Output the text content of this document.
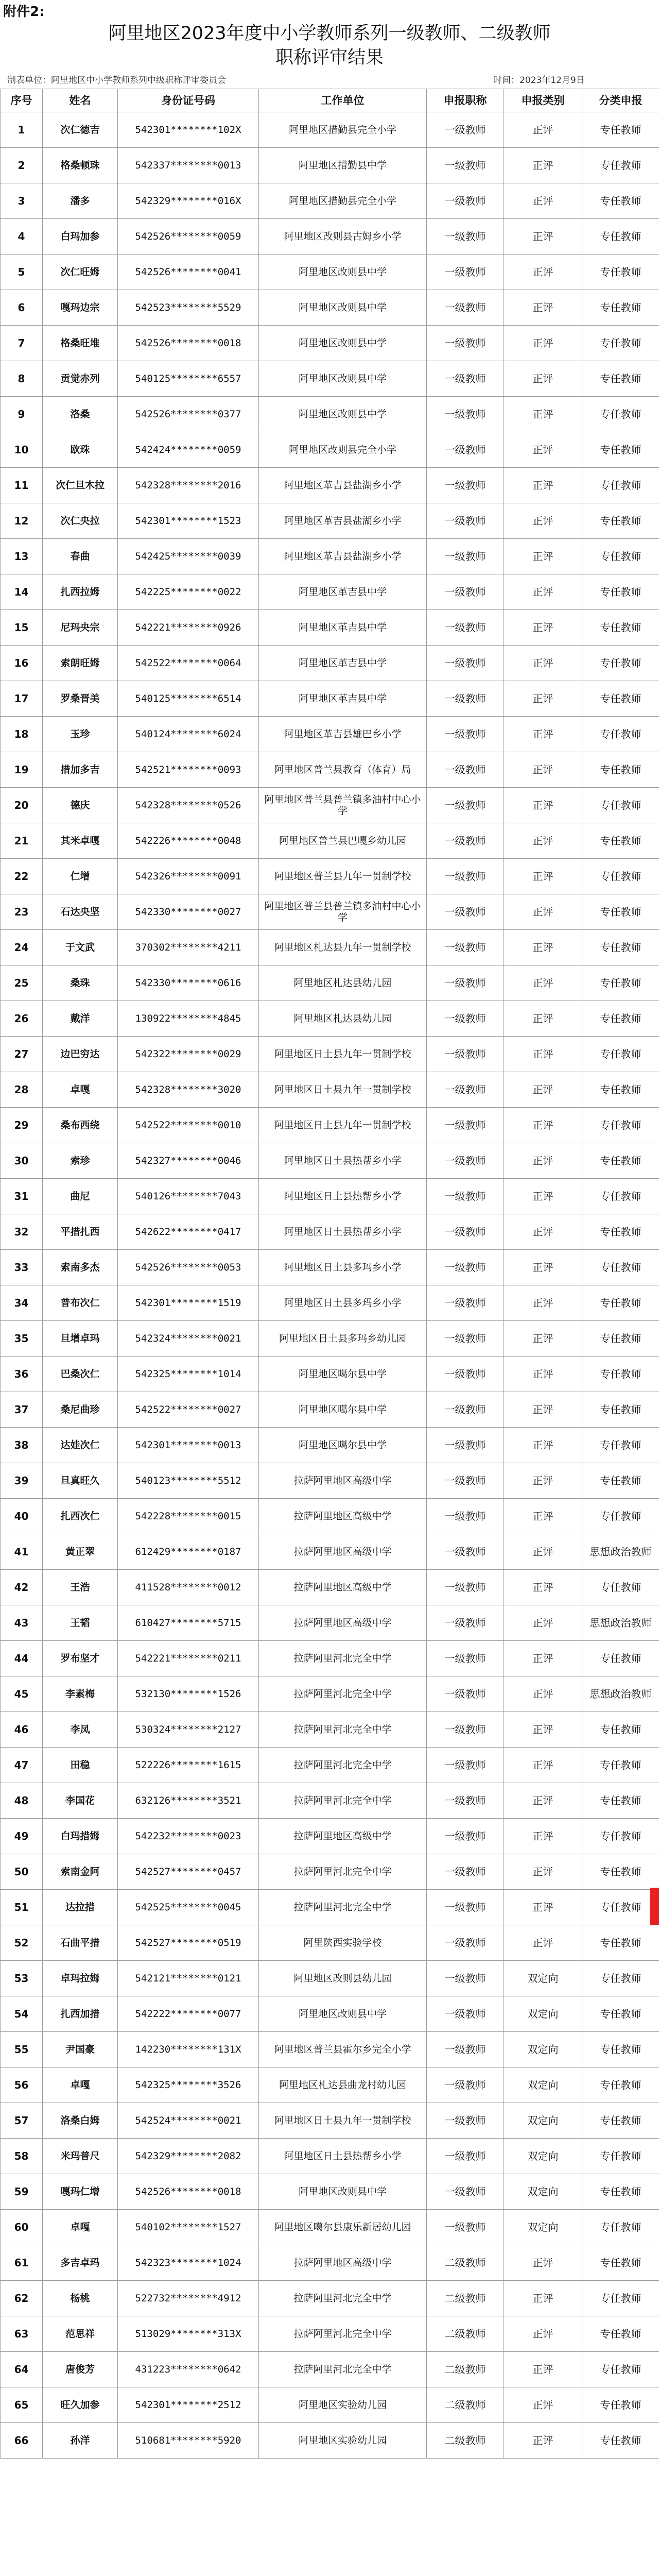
附件2:
阿里地区2023年度中小学教师系列一级教师、二级教师
职称评审结果
制表单位：阿里地区中小学教师系列中级职称评审委员会	时间：2023年12月9日
序号	姓名	身份证号码	工作单位	申报职称	申报类别	分类申报
1	次仁德吉	542301********102X	阿里地区措勤县完全小学	一级教师	正评	专任教师
2	格桑顿珠	542337********0013	阿里地区措勤县中学	一级教师	正评	专任教师
3	潘多	542329********016X	阿里地区措勤县完全小学	一级教师	正评	专任教师
4	白玛加参	542526********0059	阿里地区改则县古姆乡小学	一级教师	正评	专任教师
5	次仁旺姆	542526********0041	阿里地区改则县中学	一级教师	正评	专任教师
6	嘎玛边宗	542523********5529	阿里地区改则县中学	一级教师	正评	专任教师
7	格桑旺堆	542526********0018	阿里地区改则县中学	一级教师	正评	专任教师
8	贡觉赤列	540125********6557	阿里地区改则县中学	一级教师	正评	专任教师
9	洛桑	542526********0377	阿里地区改则县中学	一级教师	正评	专任教师
10	欧珠	542424********0059	阿里地区改则县完全小学	一级教师	正评	专任教师
11	次仁旦木拉	542328********2016	阿里地区革吉县盐湖乡小学	一级教师	正评	专任教师
12	次仁央拉	542301********1523	阿里地区革吉县盐湖乡小学	一级教师	正评	专任教师
13	春曲	542425********0039	阿里地区革吉县盐湖乡小学	一级教师	正评	专任教师
14	扎西拉姆	542225********0022	阿里地区革吉县中学	一级教师	正评	专任教师
15	尼玛央宗	542221********0926	阿里地区革吉县中学	一级教师	正评	专任教师
16	索朗旺姆	542522********0064	阿里地区革吉县中学	一级教师	正评	专任教师
17	罗桑晋美	540125********6514	阿里地区革吉县中学	一级教师	正评	专任教师
18	玉珍	540124********6024	阿里地区革吉县雄巴乡小学	一级教师	正评	专任教师
19	措加多吉	542521********0093	阿里地区普兰县教育（体育）局	一级教师	正评	专任教师
20	德庆	542328********0526	阿里地区普兰县普兰镇多油村中心小学	一级教师	正评	专任教师
21	其米卓嘎	542226********0048	阿里地区普兰县巴嘎乡幼儿园	一级教师	正评	专任教师
22	仁增	542326********0091	阿里地区普兰县九年一贯制学校	一级教师	正评	专任教师
23	石达央坚	542330********0027	阿里地区普兰县普兰镇多油村中心小学	一级教师	正评	专任教师
24	于文武	370302********4211	阿里地区札达县九年一贯制学校	一级教师	正评	专任教师
25	桑珠	542330********0616	阿里地区札达县幼儿园	一级教师	正评	专任教师
26	戴洋	130922********4845	阿里地区札达县幼儿园	一级教师	正评	专任教师
27	边巴穷达	542322********0029	阿里地区日土县九年一贯制学校	一级教师	正评	专任教师
28	卓嘎	542328********3020	阿里地区日土县九年一贯制学校	一级教师	正评	专任教师
29	桑布西绕	542522********0010	阿里地区日土县九年一贯制学校	一级教师	正评	专任教师
30	索珍	542327********0046	阿里地区日土县热帮乡小学	一级教师	正评	专任教师
31	曲尼	540126********7043	阿里地区日土县热帮乡小学	一级教师	正评	专任教师
32	平措扎西	542622********0417	阿里地区日土县热帮乡小学	一级教师	正评	专任教师
33	索南多杰	542526********0053	阿里地区日土县多玛乡小学	一级教师	正评	专任教师
34	普布次仁	542301********1519	阿里地区日土县多玛乡小学	一级教师	正评	专任教师
35	旦增卓玛	542324********0021	阿里地区日土县多玛乡幼儿园	一级教师	正评	专任教师
36	巴桑次仁	542325********1014	阿里地区噶尔县中学	一级教师	正评	专任教师
37	桑尼曲珍	542522********0027	阿里地区噶尔县中学	一级教师	正评	专任教师
38	达娃次仁	542301********0013	阿里地区噶尔县中学	一级教师	正评	专任教师
39	旦真旺久	540123********5512	拉萨阿里地区高级中学	一级教师	正评	专任教师
40	扎西次仁	542228********0015	拉萨阿里地区高级中学	一级教师	正评	专任教师
41	黄正翠	612429********0187	拉萨阿里地区高级中学	一级教师	正评	思想政治教师
42	王浩	411528********0012	拉萨阿里地区高级中学	一级教师	正评	专任教师
43	王韬	610427********5715	拉萨阿里地区高级中学	一级教师	正评	思想政治教师
44	罗布坚才	542221********0211	拉萨阿里河北完全中学	一级教师	正评	专任教师
45	李素梅	532130********1526	拉萨阿里河北完全中学	一级教师	正评	思想政治教师
46	李凤	530324********2127	拉萨阿里河北完全中学	一级教师	正评	专任教师
47	田稳	522226********1615	拉萨阿里河北完全中学	一级教师	正评	专任教师
48	李国花	632126********3521	拉萨阿里河北完全中学	一级教师	正评	专任教师
49	白玛措姆	542232********0023	拉萨阿里地区高级中学	一级教师	正评	专任教师
50	索南金阿	542527********0457	拉萨阿里河北完全中学	一级教师	正评	专任教师
51	达拉措	542525********0045	拉萨阿里河北完全中学	一级教师	正评	专任教师
52	石曲平措	542527********0519	阿里陕西实验学校	一级教师	正评	专任教师
53	卓玛拉姆	542121********0121	阿里地区改则县幼儿园	一级教师	双定向	专任教师
54	扎西加措	542222********0077	阿里地区改则县中学	一级教师	双定向	专任教师
55	尹国豪	142230********131X	阿里地区普兰县霍尔乡完全小学	一级教师	双定向	专任教师
56	卓嘎	542325********3526	阿里地区札达县曲龙村幼儿园	一级教师	双定向	专任教师
57	洛桑白姆	542524********0021	阿里地区日土县九年一贯制学校	一级教师	双定向	专任教师
58	米玛普尺	542329********2082	阿里地区日土县热帮乡小学	一级教师	双定向	专任教师
59	嘎玛仁增	542526********0018	阿里地区改则县中学	一级教师	双定向	专任教师
60	卓嘎	540102********1527	阿里地区噶尔县康乐新居幼儿园	一级教师	双定向	专任教师
61	多吉卓玛	542323********1024	拉萨阿里地区高级中学	二级教师	正评	专任教师
62	杨桃	522732********4912	拉萨阿里河北完全中学	二级教师	正评	专任教师
63	范思祥	513029********313X	拉萨阿里河北完全中学	二级教师	正评	专任教师
64	唐俊芳	431223********0642	拉萨阿里河北完全中学	二级教师	正评	专任教师
65	旺久加参	542301********2512	阿里地区实验幼儿园	二级教师	正评	专任教师
66	孙洋	510681********5920	阿里地区实验幼儿园	二级教师	正评	专任教师
